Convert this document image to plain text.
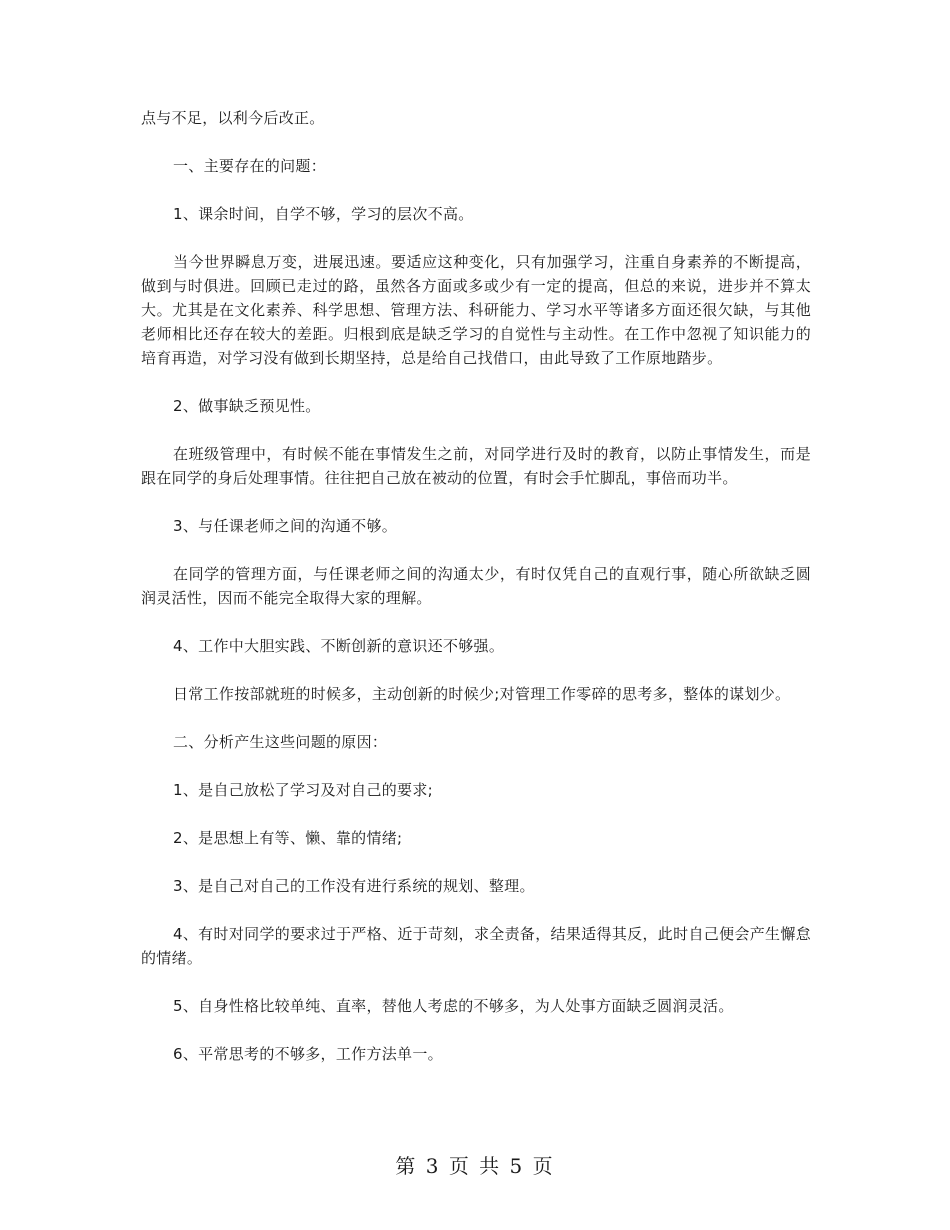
点与不足，以利今后改正。

一、主要存在的问题：

1、课余时间，自学不够，学习的层次不高。

当今世界瞬息万变，进展迅速。要适应这种变化，只有加强学习，注重自身素养的不断提高，做到与时俱进。回顾已走过的路，虽然各方面或多或少有一定的提高，但总的来说，进步并不算太大。尤其是在文化素养、科学思想、管理方法、科研能力、学习水平等诸多方面还很欠缺，与其他老师相比还存在较大的差距。归根到底是缺乏学习的自觉性与主动性。在工作中忽视了知识能力的培育再造，对学习没有做到长期坚持，总是给自己找借口，由此导致了工作原地踏步。

2、做事缺乏预见性。

在班级管理中，有时候不能在事情发生之前，对同学进行及时的教育，以防止事情发生，而是跟在同学的身后处理事情。往往把自己放在被动的位置，有时会手忙脚乱，事倍而功半。

3、与任课老师之间的沟通不够。

在同学的管理方面，与任课老师之间的沟通太少，有时仅凭自己的直观行事，随心所欲缺乏圆润灵活性，因而不能完全取得大家的理解。

4、工作中大胆实践、不断创新的意识还不够强。

日常工作按部就班的时候多，主动创新的时候少;对管理工作零碎的思考多，整体的谋划少。

二、分析产生这些问题的原因：

1、是自己放松了学习及对自己的要求;

2、是思想上有等、懒、靠的情绪;

3、是自己对自己的工作没有进行系统的规划、整理。

4、有时对同学的要求过于严格、近于苛刻，求全责备，结果适得其反，此时自己便会产生懈怠的情绪。

5、自身性格比较单纯、直率，替他人考虑的不够多，为人处事方面缺乏圆润灵活。

6、平常思考的不够多，工作方法单一。

第 3 页 共 5 页
